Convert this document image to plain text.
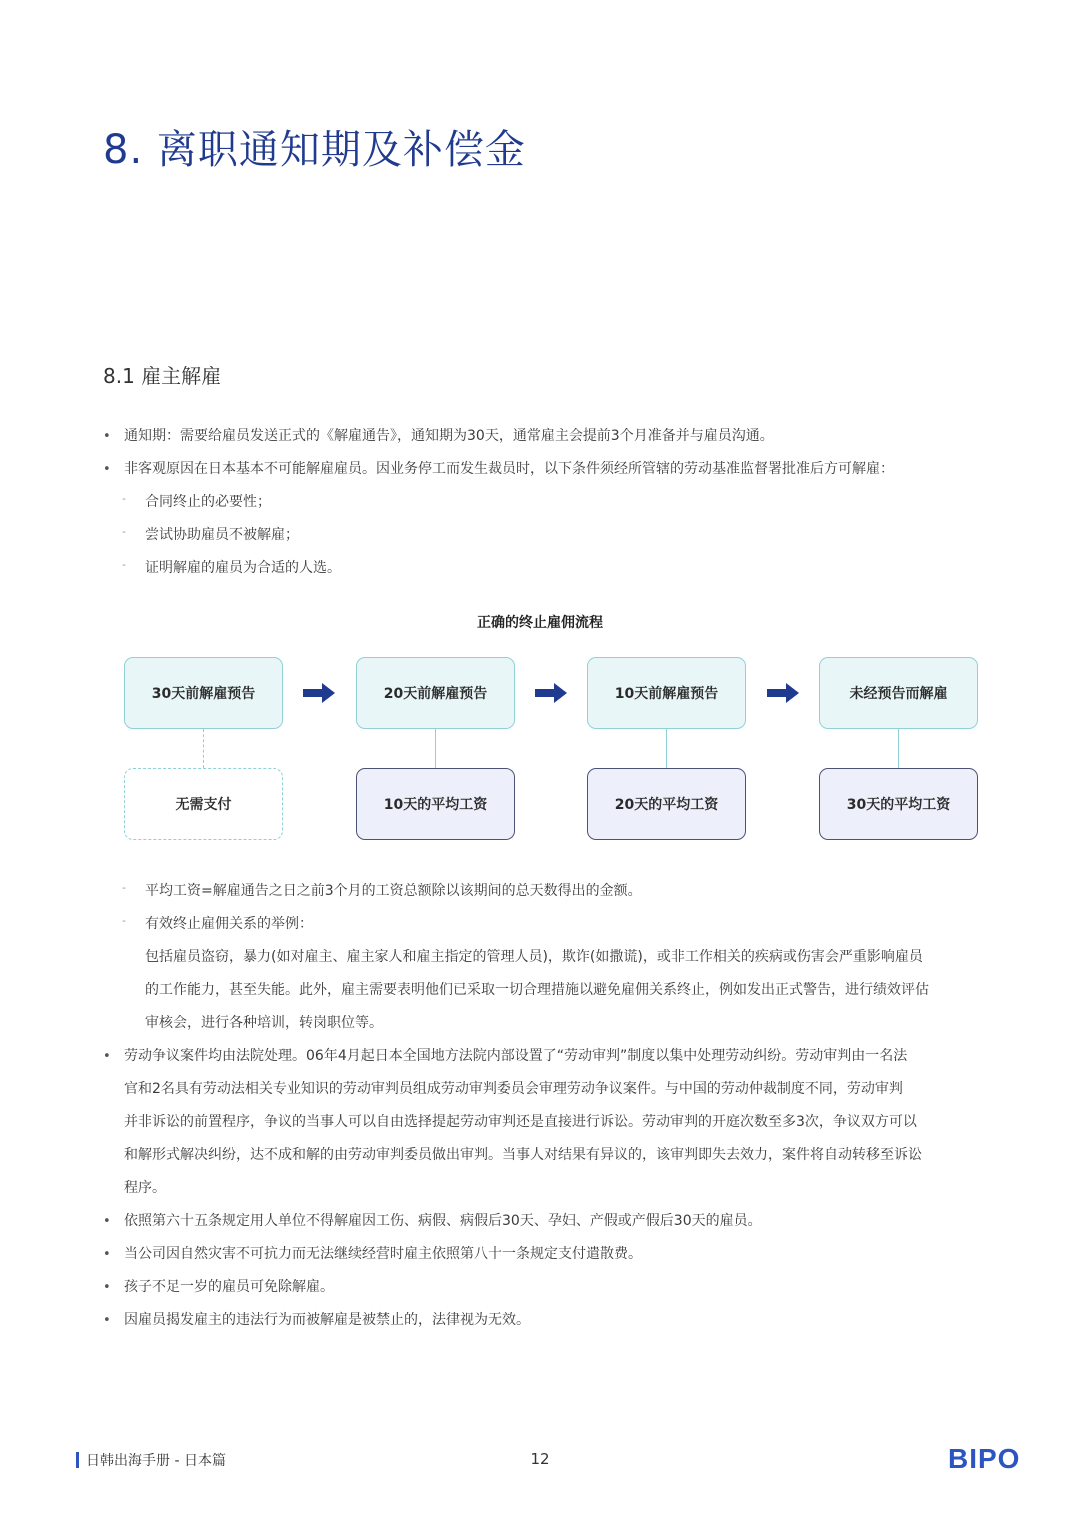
8. 离职通知期及补偿金
8.1 雇主解雇
• 通知期：需要给雇员发送正式的《解雇通告》，通知期为30天，通常雇主会提前3个月准备并与雇员沟通。
• 非客观原因在日本基本不可能解雇雇员。因业务停工而发生裁员时，以下条件须经所管辖的劳动基准监督署批准后方可解雇：
- 合同终止的必要性；
- 尝试协助雇员不被解雇；
- 证明解雇的雇员为合适的人选。
正确的终止雇佣流程
30天前解雇预告	20天前解雇预告	10天前解雇预告	未经预告而解雇
无需支付	10天的平均工资	20天的平均工资	30天的平均工资
- 平均工资=解雇通告之日之前3个月的工资总额除以该期间的总天数得出的金额。
- 有效终止雇佣关系的举例：
包括雇员盗窃，暴力(如对雇主、雇主家人和雇主指定的管理人员)，欺诈(如撒谎)，或非工作相关的疾病或伤害会严重影响雇员
的工作能力，甚至失能。此外，雇主需要表明他们已采取一切合理措施以避免雇佣关系终止，例如发出正式警告，进行绩效评估
审核会，进行各种培训，转岗职位等。
• 劳动争议案件均由法院处理。06年4月起日本全国地方法院内部设置了“劳动审判”制度以集中处理劳动纠纷。劳动审判由一名法
官和2名具有劳动法相关专业知识的劳动审判员组成劳动审判委员会审理劳动争议案件。与中国的劳动仲裁制度不同，劳动审判
并非诉讼的前置程序，争议的当事人可以自由选择提起劳动审判还是直接进行诉讼。劳动审判的开庭次数至多3次，争议双方可以
和解形式解决纠纷，达不成和解的由劳动审判委员做出审判。当事人对结果有异议的，该审判即失去效力，案件将自动转移至诉讼
程序。
• 依照第六十五条规定用人单位不得解雇因工伤、病假、病假后30天、孕妇、产假或产假后30天的雇员。
• 当公司因自然灾害不可抗力而无法继续经营时雇主依照第八十一条规定支付遣散费。
• 孩子不足一岁的雇员可免除解雇。
• 因雇员揭发雇主的违法行为而被解雇是被禁止的，法律视为无效。
日韩出海手册 - 日本篇	12	BIPO
